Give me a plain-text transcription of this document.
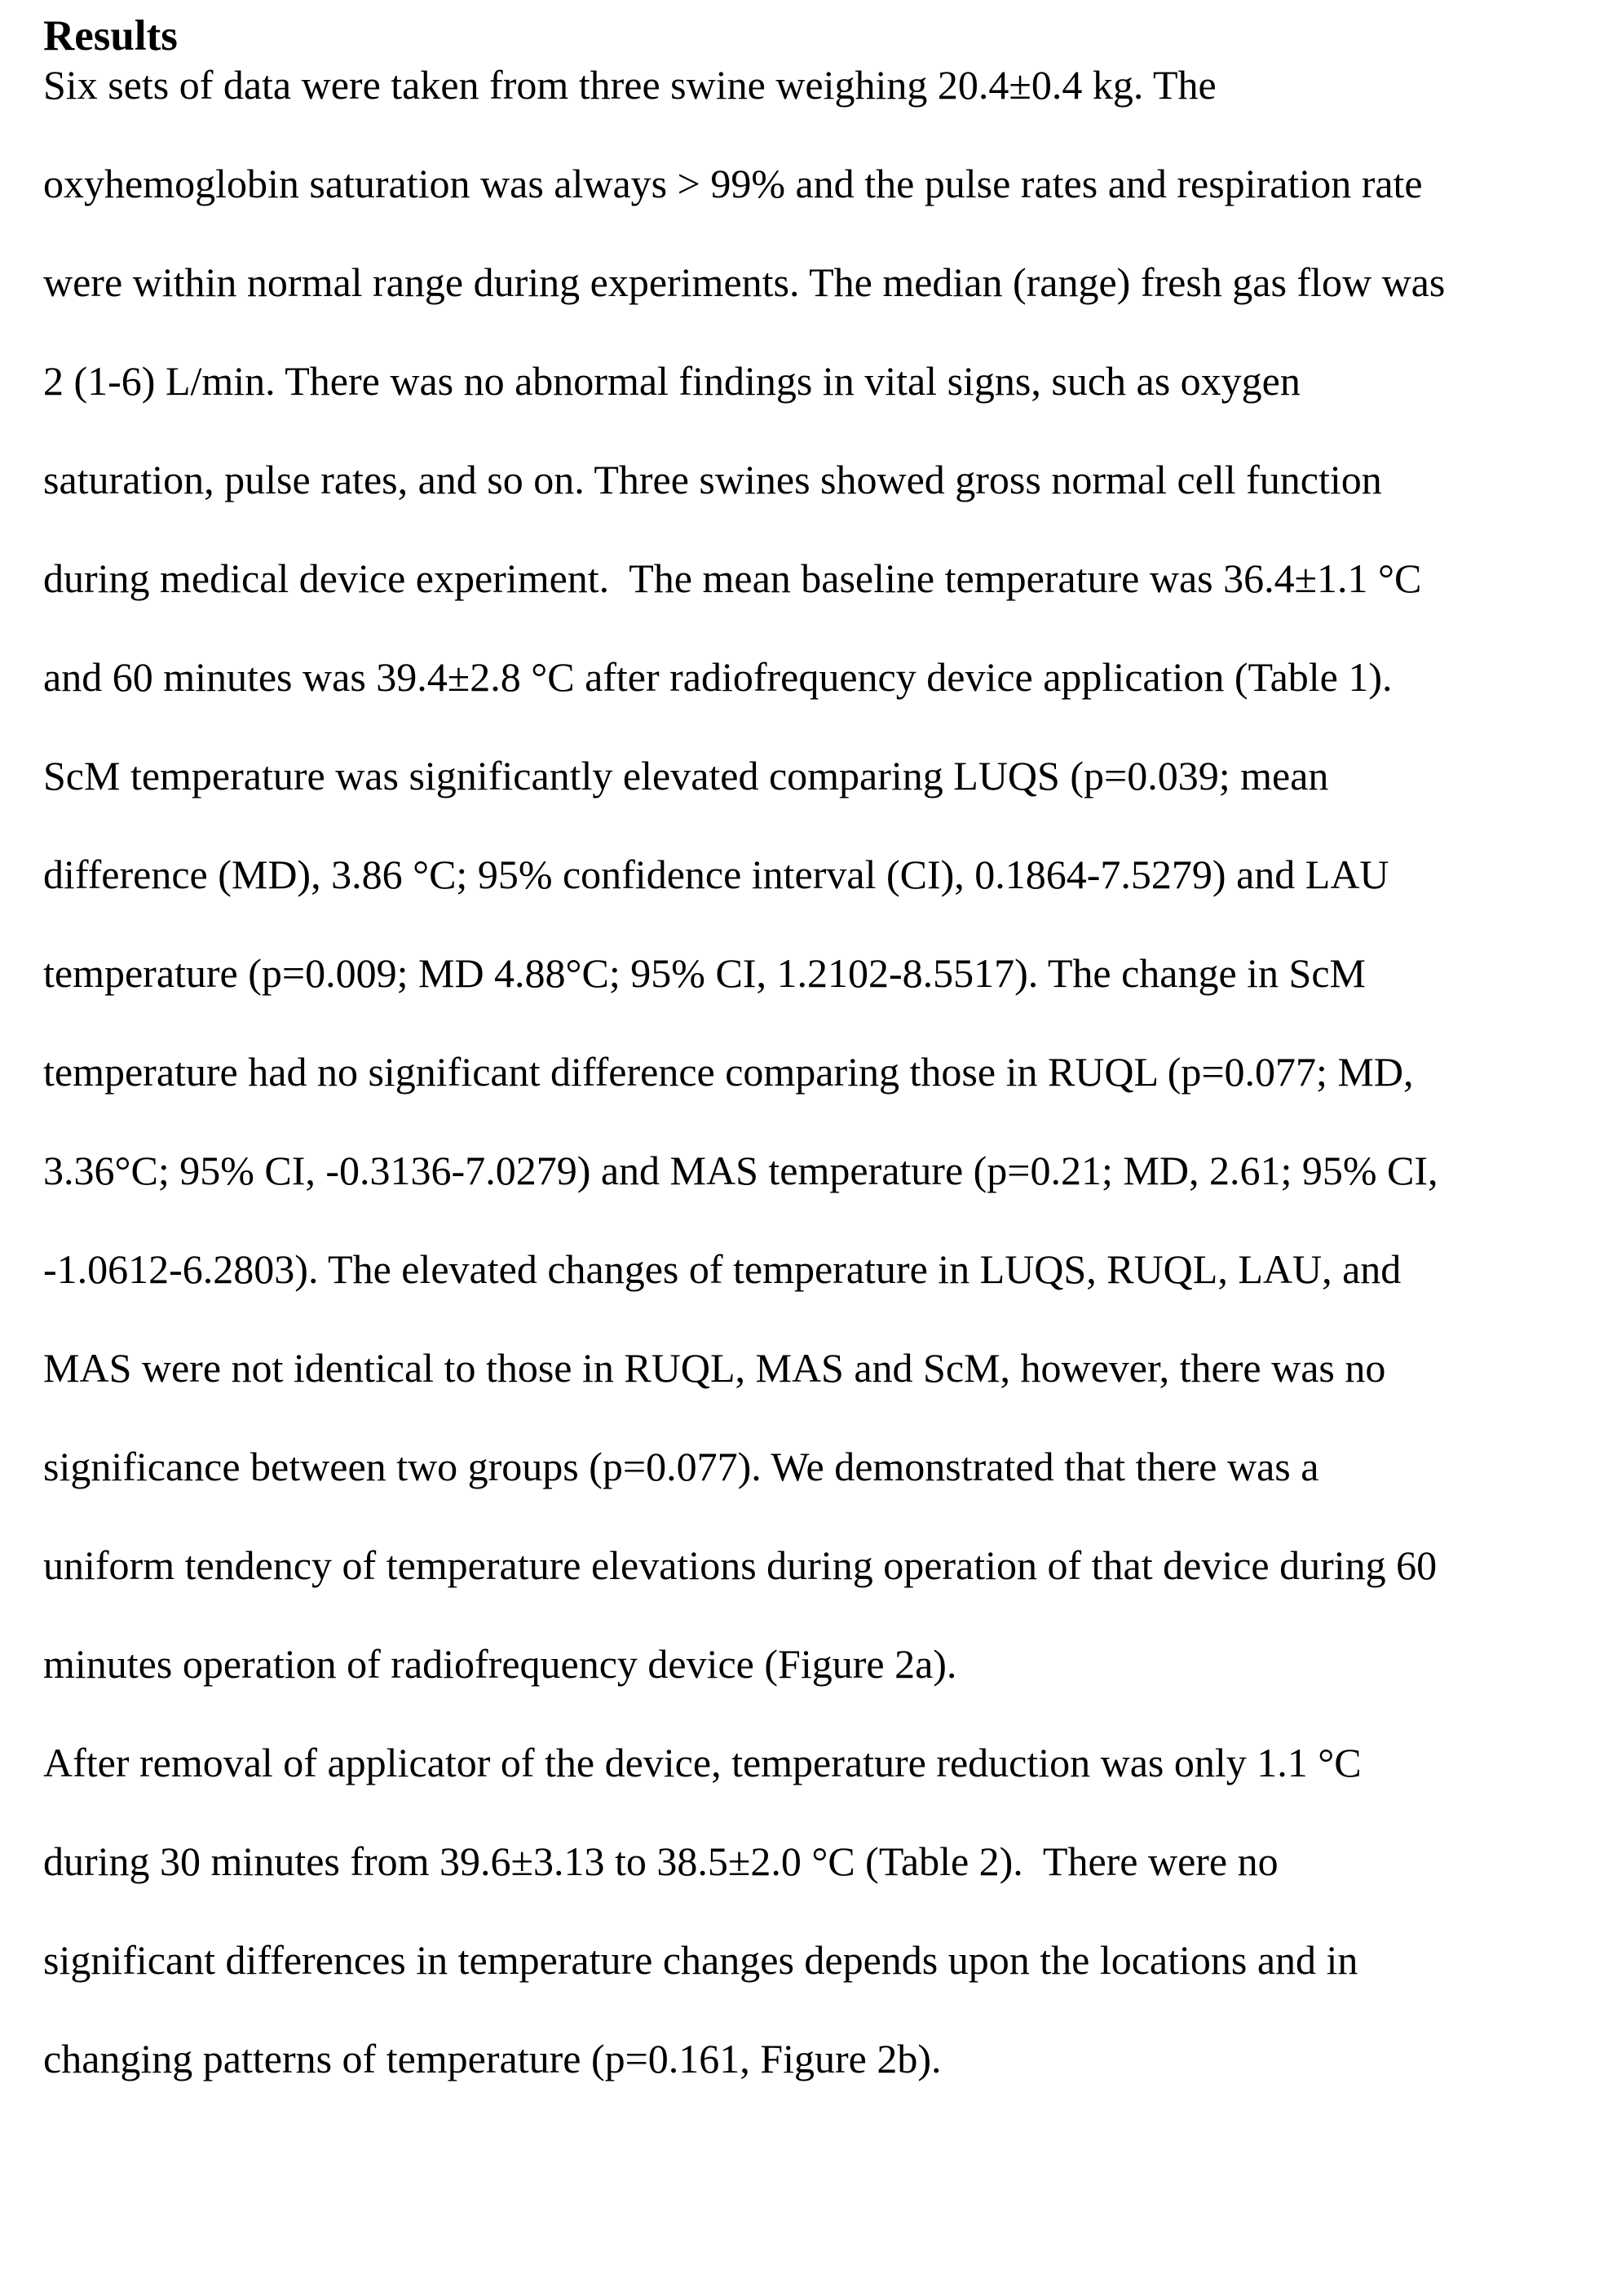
Results
Six sets of data were taken from three swine weighing 20.4±0.4 kg. The
oxyhemoglobin saturation was always > 99% and the pulse rates and respiration rate
were within normal range during experiments. The median (range) fresh gas flow was
2 (1-6) L/min. There was no abnormal findings in vital signs, such as oxygen
saturation, pulse rates, and so on. Three swines showed gross normal cell function
during medical device experiment.  The mean baseline temperature was 36.4±1.1 °C
and 60 minutes was 39.4±2.8 °C after radiofrequency device application (Table 1).
ScM temperature was significantly elevated comparing LUQS (p=0.039; mean
difference (MD), 3.86 °C; 95% confidence interval (CI), 0.1864-7.5279) and LAU
temperature (p=0.009; MD 4.88°C; 95% CI, 1.2102-8.5517). The change in ScM
temperature had no significant difference comparing those in RUQL (p=0.077; MD,
3.36°C; 95% CI, -0.3136-7.0279) and MAS temperature (p=0.21; MD, 2.61; 95% CI,
-1.0612-6.2803). The elevated changes of temperature in LUQS, RUQL, LAU, and
MAS were not identical to those in RUQL, MAS and ScM, however, there was no
significance between two groups (p=0.077). We demonstrated that there was a
uniform tendency of temperature elevations during operation of that device during 60
minutes operation of radiofrequency device (Figure 2a).
After removal of applicator of the device, temperature reduction was only 1.1 °C
during 30 minutes from 39.6±3.13 to 38.5±2.0 °C (Table 2).  There were no
significant differences in temperature changes depends upon the locations and in
changing patterns of temperature (p=0.161, Figure 2b).
